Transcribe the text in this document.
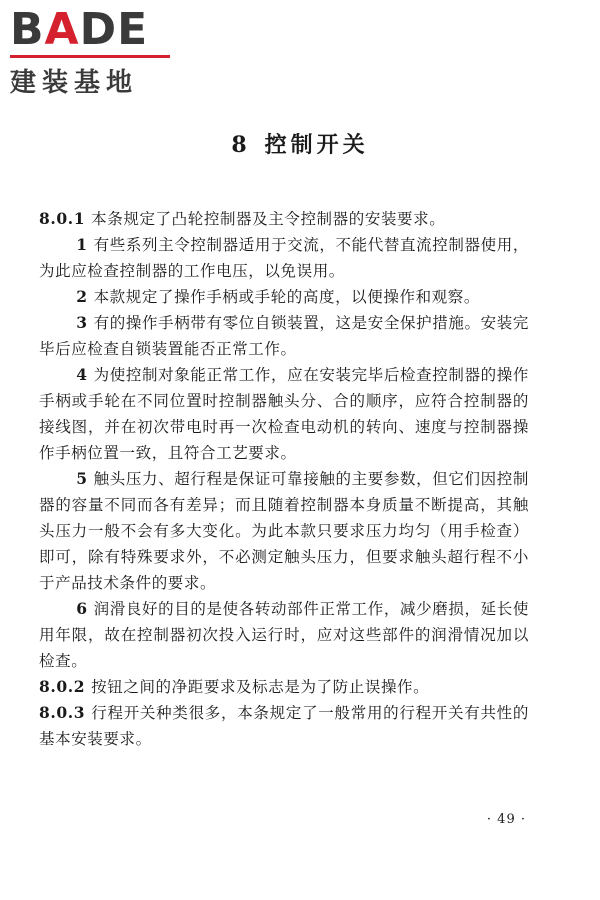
B A DE
建装基地
8 控制开关

8.0.1 本条规定了凸轮控制器及主令控制器的安装要求。

1 有些系列主令控制器适用于交流，不能代替直流控制器使用，为此应检查控制器的工作电压，以免误用。

2 本款规定了操作手柄或手轮的高度，以便操作和观察。

3 有的操作手柄带有零位自锁装置，这是安全保护措施。安装完毕后应检查自锁装置能否正常工作。

4 为使控制对象能正常工作，应在安装完毕后检查控制器的操作手柄或手轮在不同位置时控制器触头分、合的顺序，应符合控制器的接线图，并在初次带电时再一次检查电动机的转向、速度与控制器操作手柄位置一致，且符合工艺要求。

5 触头压力、超行程是保证可靠接触的主要参数，但它们因控制器的容量不同而各有差异；而且随着控制器本身质量不断提高，其触头压力一般不会有多大变化。为此本款只要求压力均匀（用手检查）即可，除有特殊要求外，不必测定触头压力，但要求触头超行程不小于产品技术条件的要求。

6 润滑良好的目的是使各转动部件正常工作，减少磨损，延长使用年限，故在控制器初次投入运行时，应对这些部件的润滑情况加以检查。

8.0.2 按钮之间的净距要求及标志是为了防止误操作。

8.0.3 行程开关种类很多，本条规定了一般常用的行程开关有共性的基本安装要求。

· 49 ·
